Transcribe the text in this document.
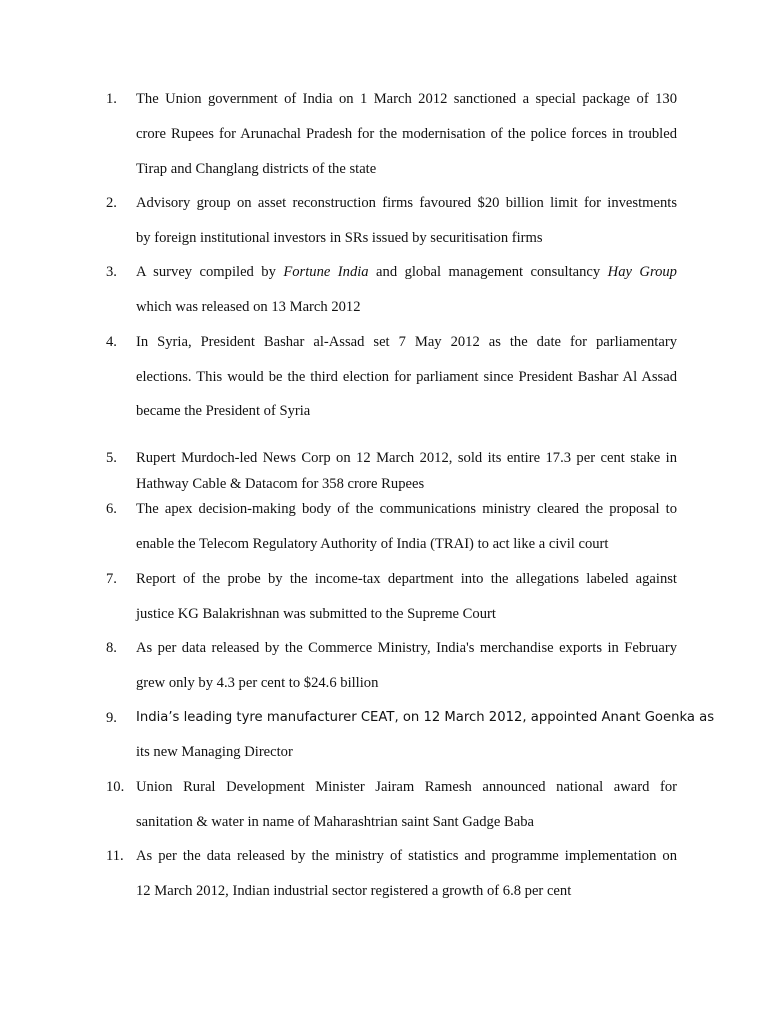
1.	The Union government of India on 1 March 2012 sanctioned a special package of 130
crore Rupees for Arunachal Pradesh for the modernisation of the police forces in troubled
Tirap and Changlang districts of the state
2.	Advisory group on asset reconstruction firms favoured $20 billion limit for investments
by foreign institutional investors in SRs issued by securitisation firms
3.	A survey compiled by Fortune India and global management consultancy Hay Group
which was released on 13 March 2012
4.	In Syria, President Bashar al-Assad set 7 May 2012 as the date for parliamentary
elections. This would be the third election for parliament since President Bashar Al Assad
became the President of Syria
5.	Rupert Murdoch-led News Corp on 12 March 2012, sold its entire 17.3 per cent stake in
Hathway Cable & Datacom for 358 crore Rupees
6.	The apex decision-making body of the communications ministry cleared the proposal to
enable the Telecom Regulatory Authority of India (TRAI) to act like a civil court
7.	Report of the probe by the income-tax department into the allegations labeled against
justice KG Balakrishnan was submitted to the Supreme Court
8.	As per data released by the Commerce Ministry, India's merchandise exports in February
grew only by 4.3 per cent to $24.6 billion
9.	India’s leading tyre manufacturer CEAT, on 12 March 2012, appointed Anant Goenka as
its new Managing Director
10. Union Rural Development Minister Jairam Ramesh announced national award for
sanitation & water in name of Maharashtrian saint Sant Gadge Baba
11. As per the data released by the ministry of statistics and programme implementation on
12 March 2012, Indian industrial sector registered a growth of 6.8 per cent
